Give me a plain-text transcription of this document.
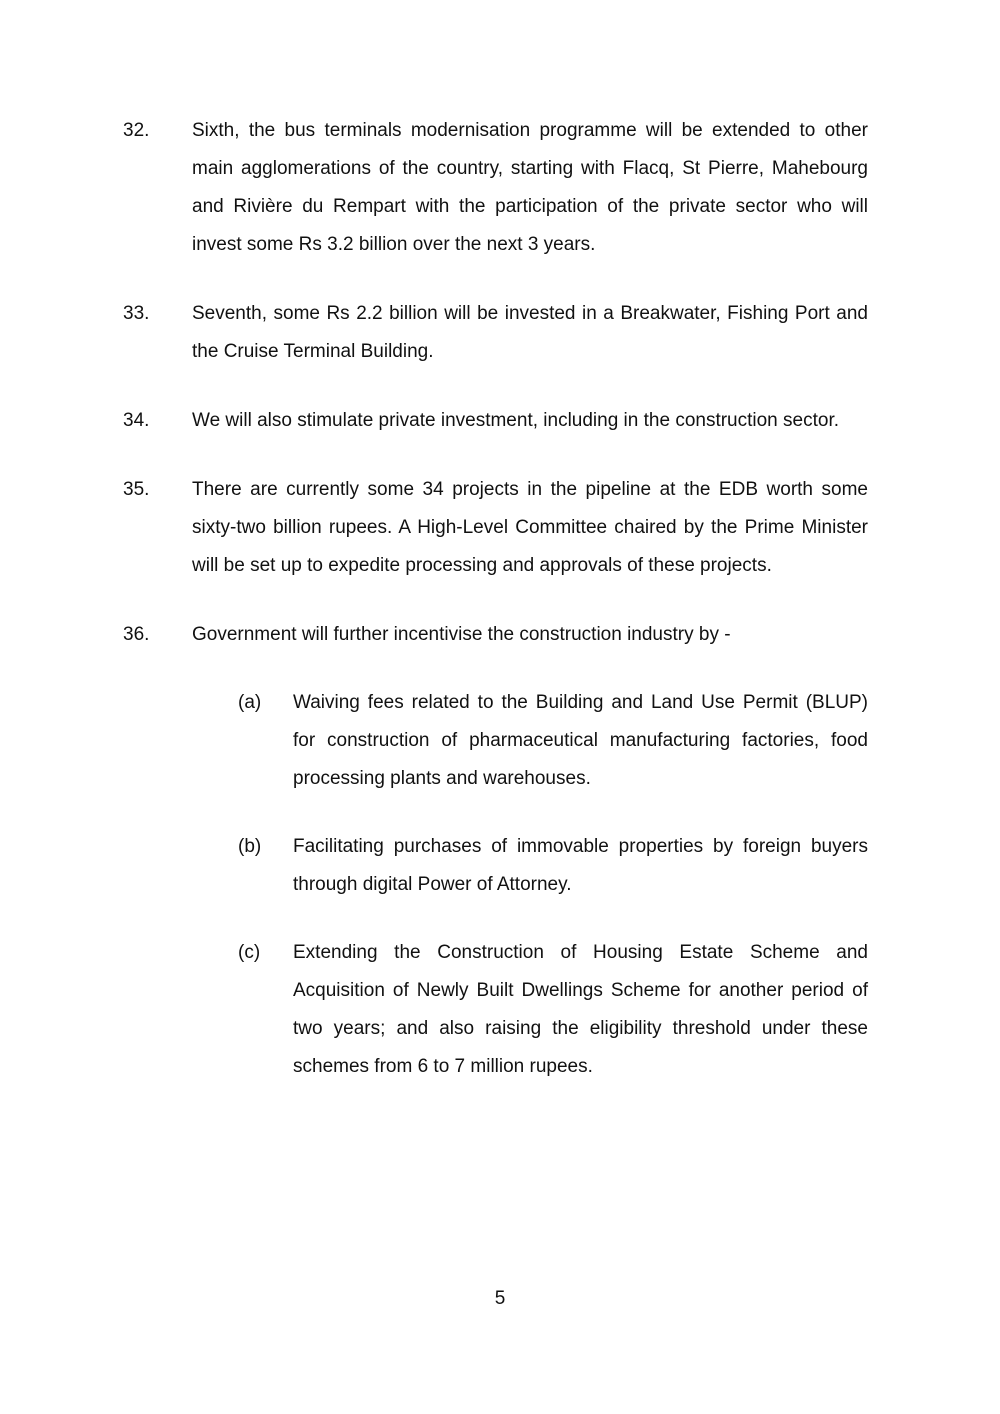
32.	Sixth, the bus terminals modernisation programme will be extended to other main agglomerations of the country, starting with Flacq, St Pierre, Mahebourg and Rivière du Rempart with the participation of the private sector who will invest some Rs 3.2 billion over the next 3 years.
33.	Seventh, some Rs 2.2 billion will be invested in a Breakwater, Fishing Port and the Cruise Terminal Building.
34.	We will also stimulate private investment, including in the construction sector.
35.	There are currently some 34 projects in the pipeline at the EDB worth some sixty-two billion rupees. A High-Level Committee chaired by the Prime Minister will be set up to expedite processing and approvals of these projects.
36.	Government will further incentivise the construction industry by -
(a)	Waiving fees related to the Building and Land Use Permit (BLUP) for construction of pharmaceutical manufacturing factories, food processing plants and warehouses.
(b)	Facilitating purchases of immovable properties by foreign buyers through digital Power of Attorney.
(c)	Extending the Construction of Housing Estate Scheme and Acquisition of Newly Built Dwellings Scheme for another period of two years; and also raising the eligibility threshold under these schemes from 6 to 7 million rupees.
5
